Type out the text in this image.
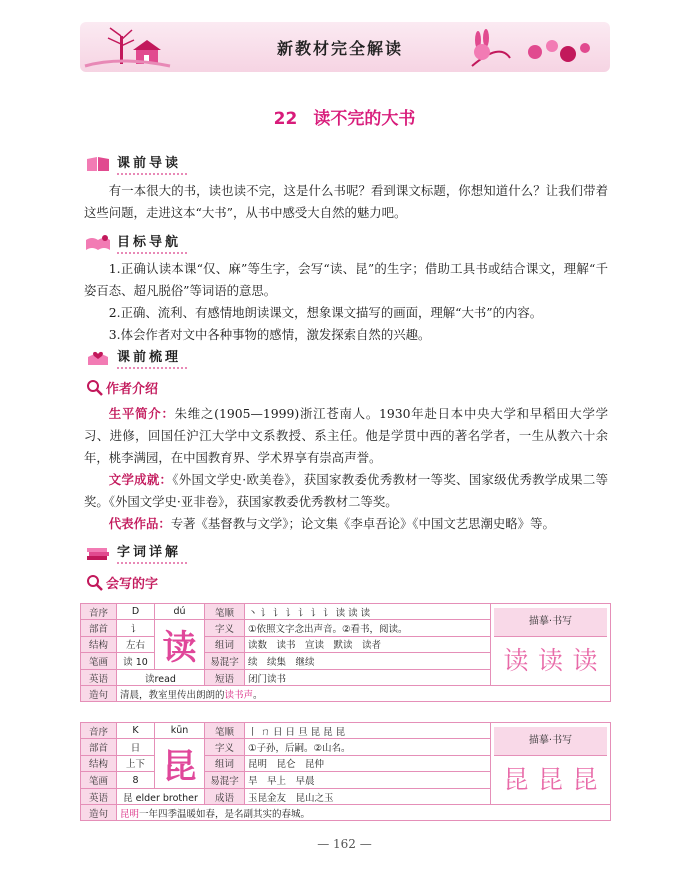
新教材完全解读
22 读不完的大书
课前导读
有一本很大的书，读也读不完，这是什么书呢？看到课文标题，你想知道什么？让我们带着这些问题，走进这本“大书”，从书中感受大自然的魅力吧。
目标导航
1.正确认读本课“仅、麻”等生字，会写“读、昆”的生字；借助工具书或结合课文，理解“千姿百态、超凡脱俗”等词语的意思。
2.正确、流利、有感情地朗读课文，想象课文描写的画面，理解“大书”的内容。
3.体会作者对文中各种事物的感情，激发探索自然的兴趣。
课前梳理
作者介绍
生平简介：朱维之(1905—1999)浙江苍南人。1930年赴日本中央大学和早稻田大学学习、进修，回国任沪江大学中文系教授、系主任。他是学贯中西的著名学者，一生从教六十余年，桃李满园，在中国教育界、学术界享有崇高声誉。
文学成就：《外国文学史·欧美卷》，获国家教委优秀教材一等奖、国家级优秀教学成果二等奖。《外国文学史·亚非卷》，获国家教委优秀教材二等奖。
代表作品：专著《基督教与文学》；论文集《李卓吾论》《中国文艺思潮史略》等。
字词详解
会写的字
音序	D	dú	笔顺	丶 讠 讠 讠 讠 讠 讠 读 读 读	描摹·书写
读 读 读

部首	讠	读	字义	①依照文字念出声音。②看书，阅读。	
结构	左右		组词	读数　读书　宣读　默读　读者	
笔画	读 10		易混字	续　续集　继续	
英语	读read		短语	闭门读书	
造句	清晨，教室里传出朗朗的读书声。				
音序	K	kūn	笔顺	丨 ㄇ 日 日 旦 昆 昆 昆	描摹·书写
昆 昆 昆

部首	日	昆	字义	①子孙，后嗣。②山名。	
结构	上下		组词	昆明　昆仑　昆仲	
笔画	8		易混字	旱　早上　早晨	
英语	昆 elder brother		成语	玉昆金友　昆山之玉	
造句	昆明一年四季温暖如春，是名副其实的春城。				
— 162 —
